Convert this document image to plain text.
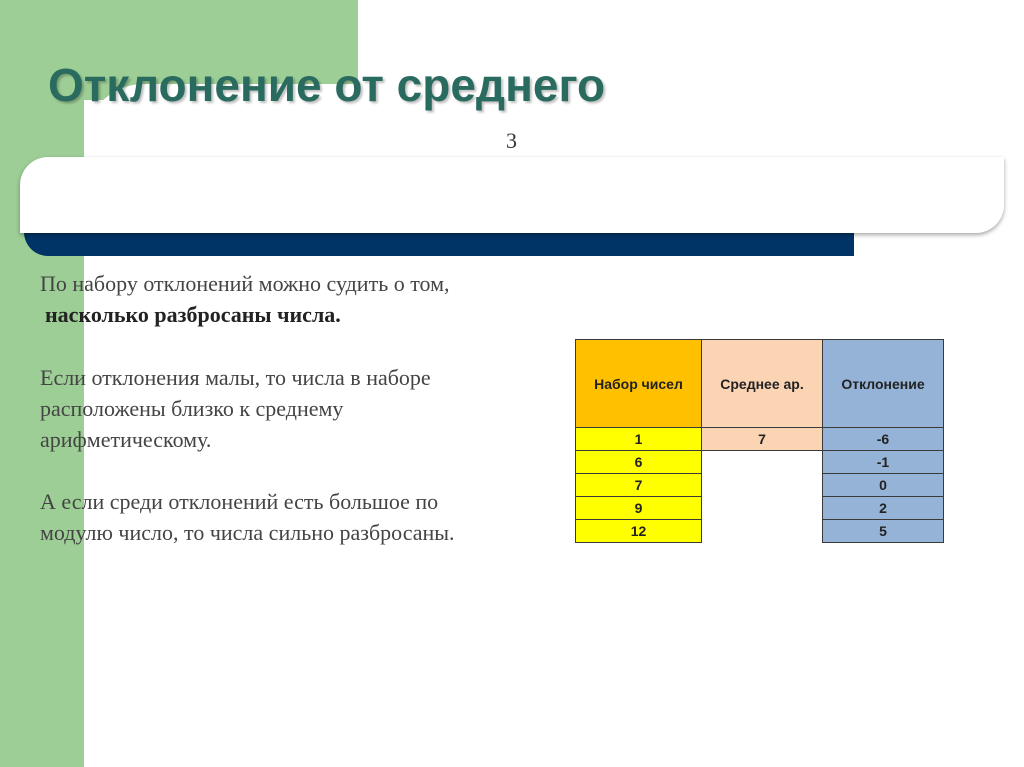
Отклонение от среднего
3

По набору отклонений можно судить о том,

насколько разбросаны числа.

Если отклонения малы, то числа в наборе

расположены близко к среднему

арифметическому.

А если среди отклонений есть большое по

модулю число, то числа сильно разбросаны.

Набор чисел	Среднее ар.	Отклонение
1	7	-6
6		-1
7		0
9		2
12		5
